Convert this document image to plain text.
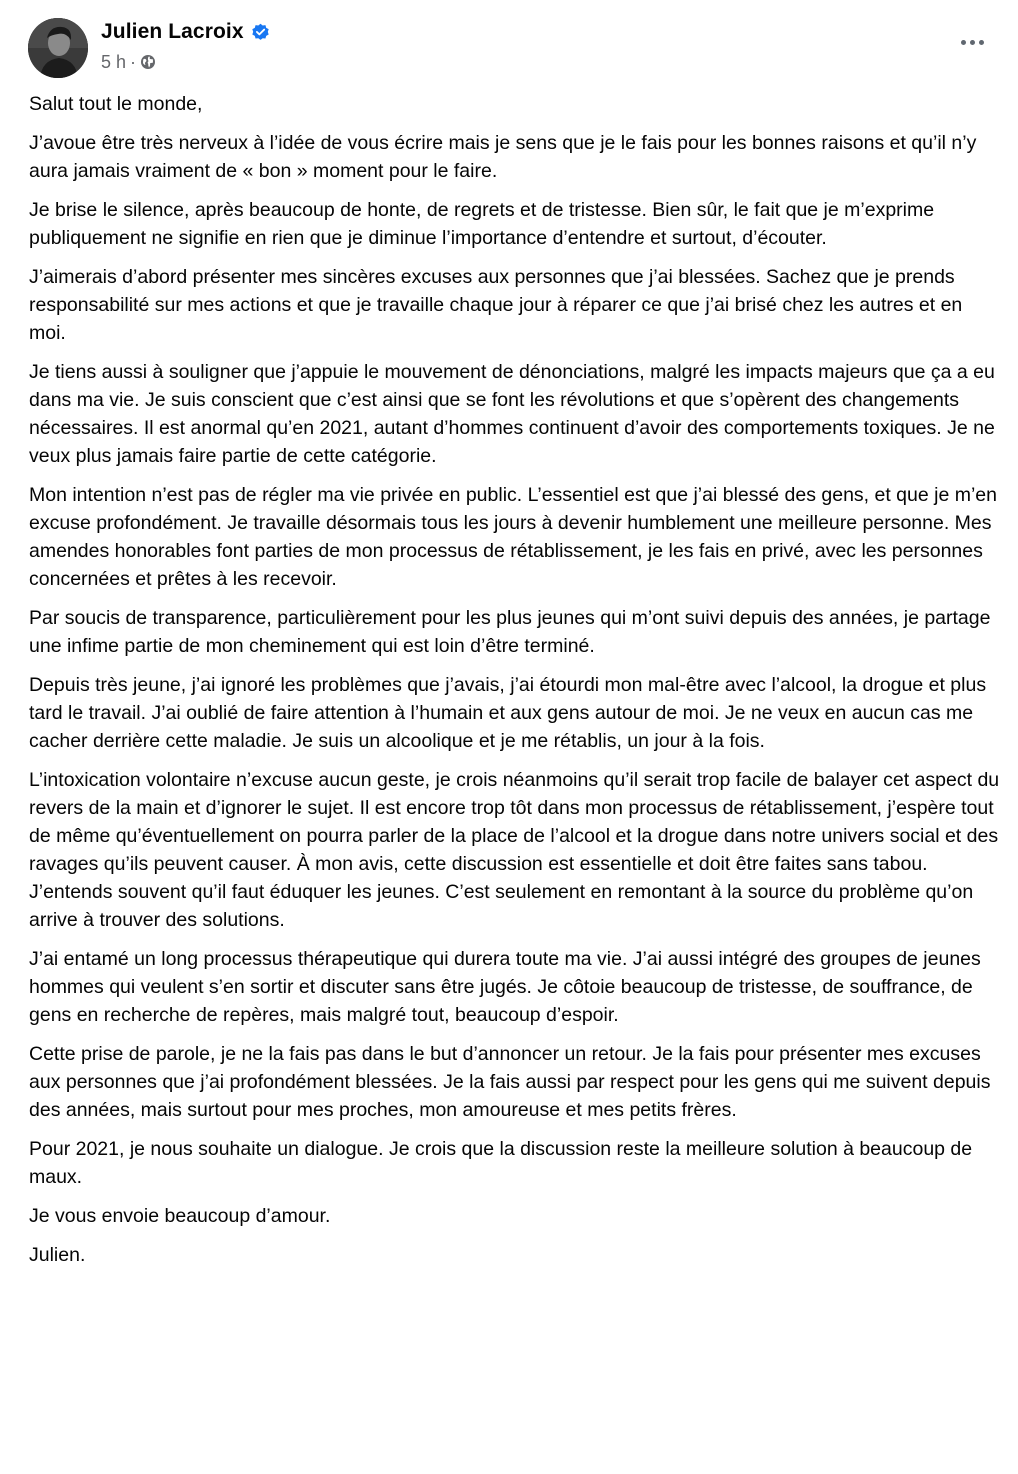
Julien Lacroix
5 h ·

Salut tout le monde,

J’avoue être très nerveux à l’idée de vous écrire mais je sens que je le fais pour les bonnes raisons et qu’il n’y aura jamais vraiment de « bon » moment pour le faire.

Je brise le silence, après beaucoup de honte, de regrets et de tristesse. Bien sûr, le fait que je m’exprime publiquement ne signifie en rien que je diminue l’importance d’entendre et surtout, d’écouter.

J’aimerais d’abord présenter mes sincères excuses aux personnes que j’ai blessées. Sachez que je prends responsabilité sur mes actions et que je travaille chaque jour à réparer ce que j’ai brisé chez les autres et en moi.

Je tiens aussi à souligner que j’appuie le mouvement de dénonciations, malgré les impacts majeurs que ça a eu dans ma vie. Je suis conscient que c’est ainsi que se font les révolutions et que s’opèrent des changements nécessaires. Il est anormal qu’en 2021, autant d’hommes continuent d’avoir des comportements toxiques. Je ne veux plus jamais faire partie de cette catégorie.

Mon intention n’est pas de régler ma vie privée en public. L’essentiel est que j’ai blessé des gens, et que je m’en excuse profondément. Je travaille désormais tous les jours à devenir humblement une meilleure personne. Mes amendes honorables font parties de mon processus de rétablissement, je les fais en privé, avec les personnes concernées et prêtes à les recevoir.

Par soucis de transparence, particulièrement pour les plus jeunes qui m’ont suivi depuis des années, je partage une infime partie de mon cheminement qui est loin d’être terminé.

Depuis très jeune, j’ai ignoré les problèmes que j’avais, j’ai étourdi mon mal-être avec l’alcool, la drogue et plus tard le travail. J’ai oublié de faire attention à l’humain et aux gens autour de moi. Je ne veux en aucun cas me cacher derrière cette maladie. Je suis un alcoolique et je me rétablis, un jour à la fois.

L’intoxication volontaire n’excuse aucun geste, je crois néanmoins qu’il serait trop facile de balayer cet aspect du revers de la main et d’ignorer le sujet. Il est encore trop tôt dans mon processus de rétablissement, j’espère tout de même qu’éventuellement on pourra parler de la place de l’alcool et la drogue dans notre univers social et des ravages qu’ils peuvent causer. À mon avis, cette discussion est essentielle et doit être faites sans tabou. J’entends souvent qu’il faut éduquer les jeunes. C’est seulement en remontant à la source du problème qu’on arrive à trouver des solutions.

J’ai entamé un long processus thérapeutique qui durera toute ma vie. J’ai aussi intégré des groupes de jeunes hommes qui veulent s’en sortir et discuter sans être jugés. Je côtoie beaucoup de tristesse, de souffrance, de gens en recherche de repères, mais malgré tout, beaucoup d’espoir.

Cette prise de parole, je ne la fais pas dans le but d’annoncer un retour. Je la fais pour présenter mes excuses aux personnes que j’ai profondément blessées. Je la fais aussi par respect pour les gens qui me suivent depuis des années, mais surtout pour mes proches, mon amoureuse et mes petits frères.

Pour 2021, je nous souhaite un dialogue. Je crois que la discussion reste la meilleure solution à beaucoup de maux.

Je vous envoie beaucoup d’amour.

Julien.
